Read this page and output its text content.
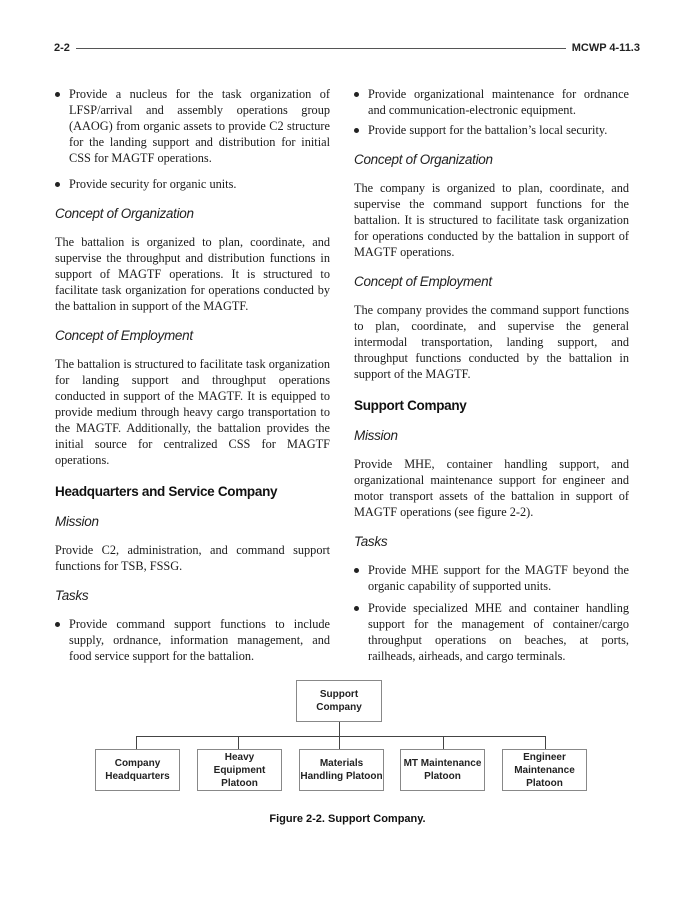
2-2	MCWP 4-11.3
Provide a nucleus for the task organization of LFSP/arrival and assembly operations group (AAOG) from organic assets to provide C2 structure for the landing support and distribution for initial CSS for MAGTF operations.
Provide security for organic units.
Concept of Organization

The battalion is organized to plan, coordinate, and supervise the throughput and distribution functions in support of MAGTF operations. It is structured to facilitate task organization for operations conducted by the battalion in support of the MAGTF.

Concept of Employment

The battalion is structured to facilitate task organization for landing support and throughput operations conducted in support of the MAGTF. It is equipped to provide medium through heavy cargo transportation to the MAGTF. Additionally, the battalion provides the initial source for centralized CSS for MAGTF operations.

Headquarters and Service Company
Mission

Provide C2, administration, and command support functions for TSB, FSSG.

Tasks
Provide command support functions to include supply, ordnance, information management, and food service support for the battalion.
Provide organizational maintenance for ordnance and communication-electronic equipment.
Provide support for the battalion’s local security.
Concept of Organization

The company is organized to plan, coordinate, and supervise the command support functions for the battalion. It is structured to facilitate task organization for operations conducted by the battalion in support of MAGTF operations.

Concept of Employment

The company provides the command support functions to plan, coordinate, and supervise the general intermodal transportation, landing support, and throughput functions conducted by the battalion in support of the MAGTF.

Support Company
Mission

Provide MHE, container handling support, and organizational maintenance support for engineer and motor transport assets of the battalion in support of MAGTF operations (see figure 2-2).

Tasks
Provide MHE support for the MAGTF beyond the organic capability of supported units.
Provide specialized MHE and container handling support for the management of container/cargo throughput operations on beaches, at ports, railheads, airheads, and cargo terminals.
Support Company
Company Headquarters
Heavy Equipment Platoon
Materials Handling Platoon
MT Maintenance Platoon
Engineer Maintenance Platoon
Figure 2-2. Support Company.
